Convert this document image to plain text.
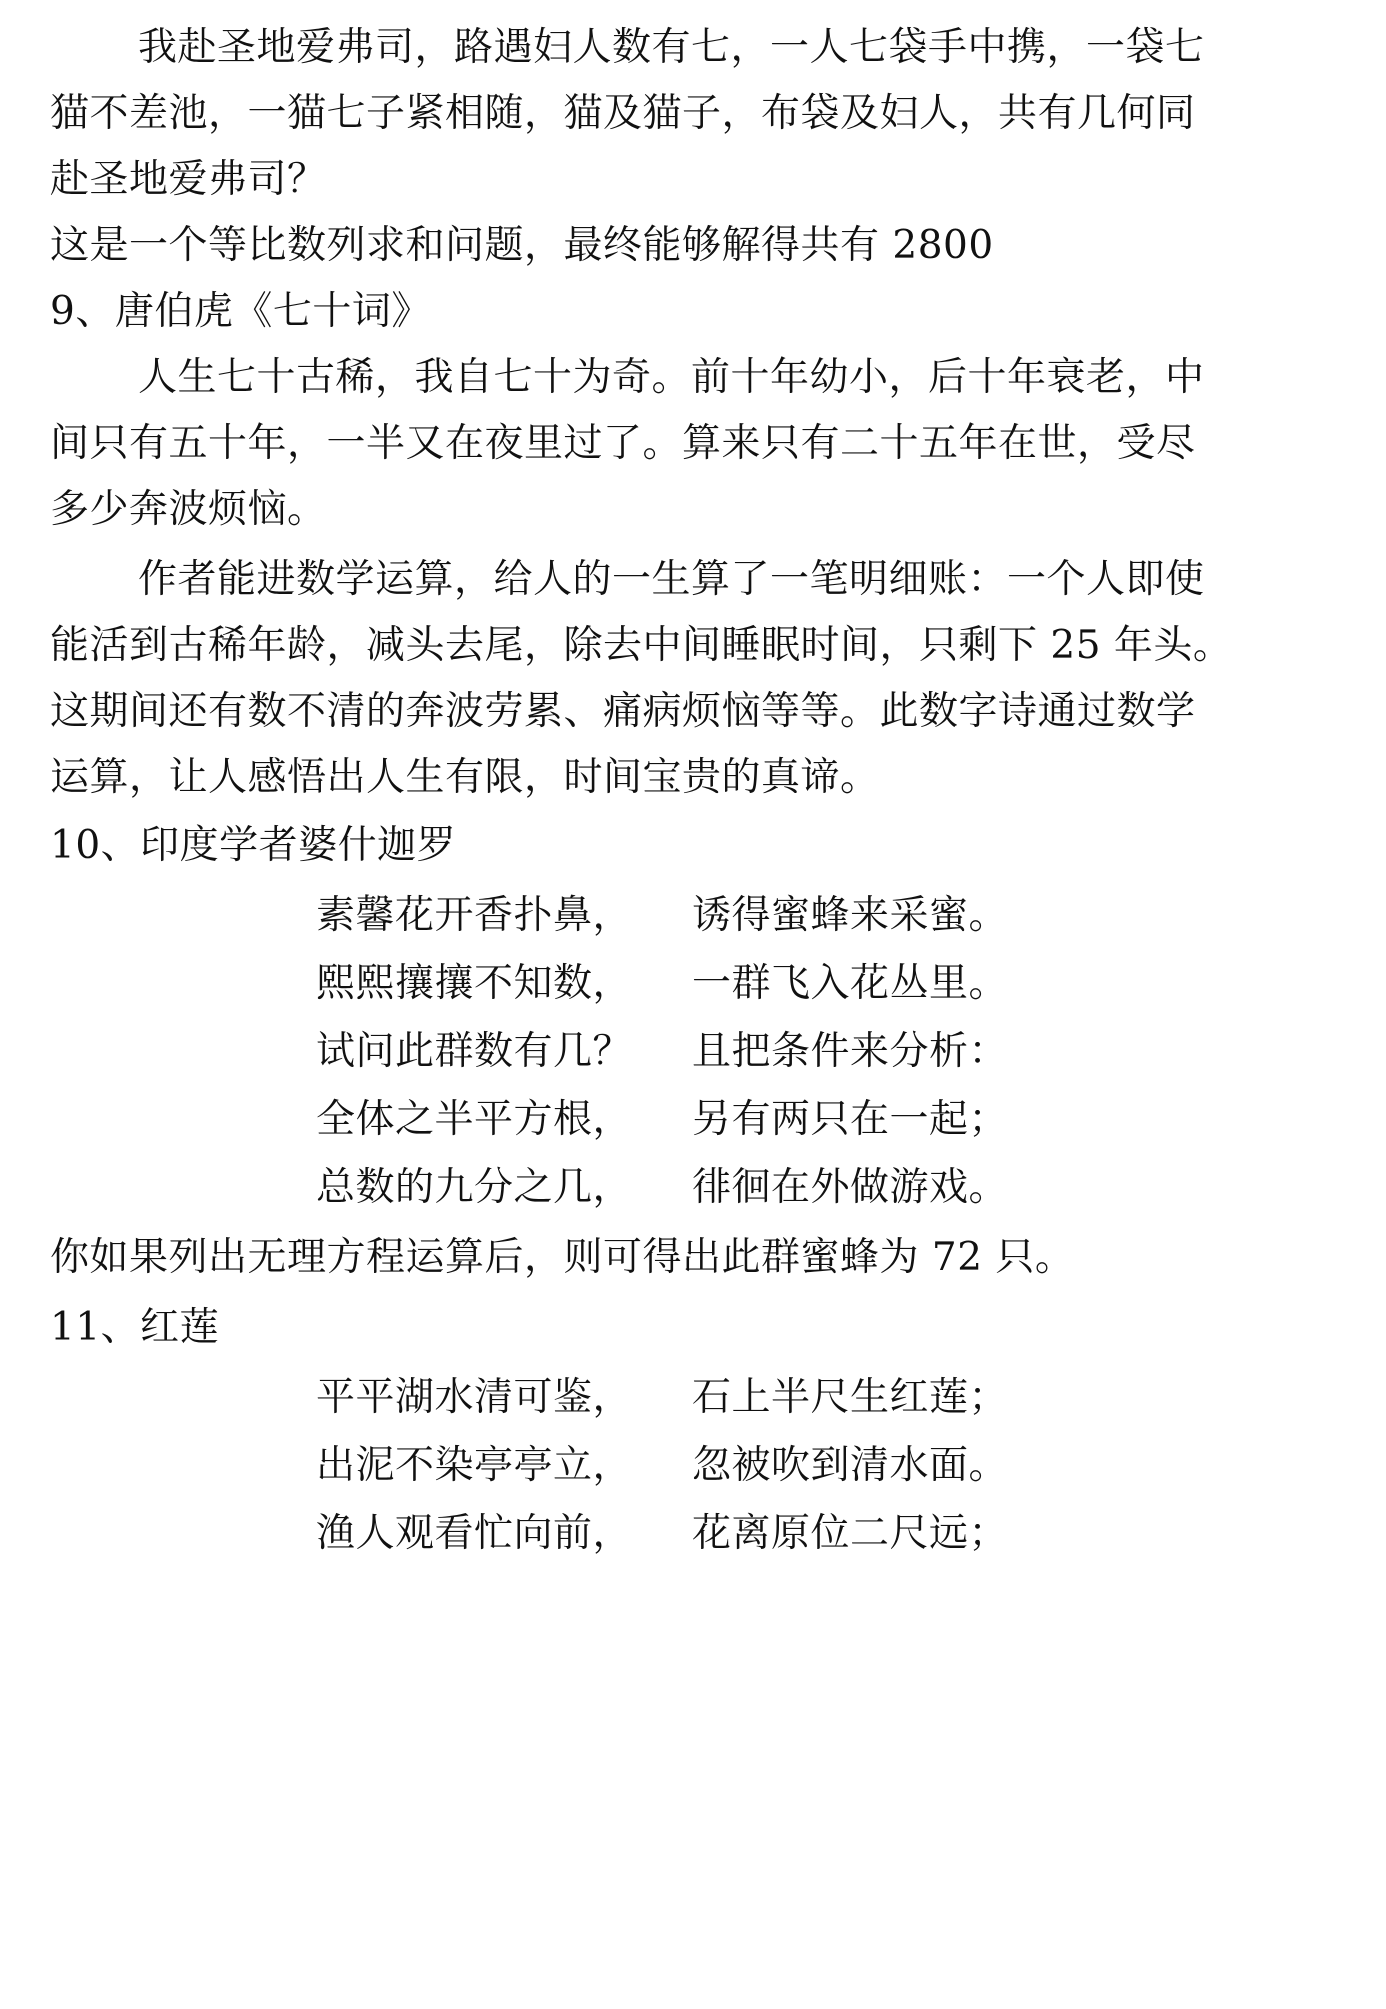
我赴圣地爱弗司，路遇妇人数有七，一人七袋手中携，一袋七
猫不差池，一猫七子紧相随，猫及猫子，布袋及妇人，共有几何同
赴圣地爱弗司？
这是一个等比数列求和问题，最终能够解得共有 2800
9、唐伯虎《七十词》
人生七十古稀，我自七十为奇。前十年幼小，后十年衰老，中
间只有五十年，一半又在夜里过了。算来只有二十五年在世，受尽
多少奔波烦恼。
作者能进数学运算，给人的一生算了一笔明细账：一个人即使
能活到古稀年龄，减头去尾，除去中间睡眠时间，只剩下 25 年头。
这期间还有数不清的奔波劳累、痛病烦恼等等。此数字诗通过数学
运算，让人感悟出人生有限，时间宝贵的真谛。
10、印度学者婆什迦罗
素馨花开香扑鼻， 诱得蜜蜂来采蜜。
熙熙攘攘不知数， 一群飞入花丛里。
试问此群数有几？ 且把条件来分析：
全体之半平方根， 另有两只在一起；
总数的九分之几， 徘徊在外做游戏。
你如果列出无理方程运算后，则可得出此群蜜蜂为 72 只。
11、红莲
平平湖水清可鉴， 石上半尺生红莲；
出泥不染亭亭立， 忽被吹到清水面。
渔人观看忙向前， 花离原位二尺远；
